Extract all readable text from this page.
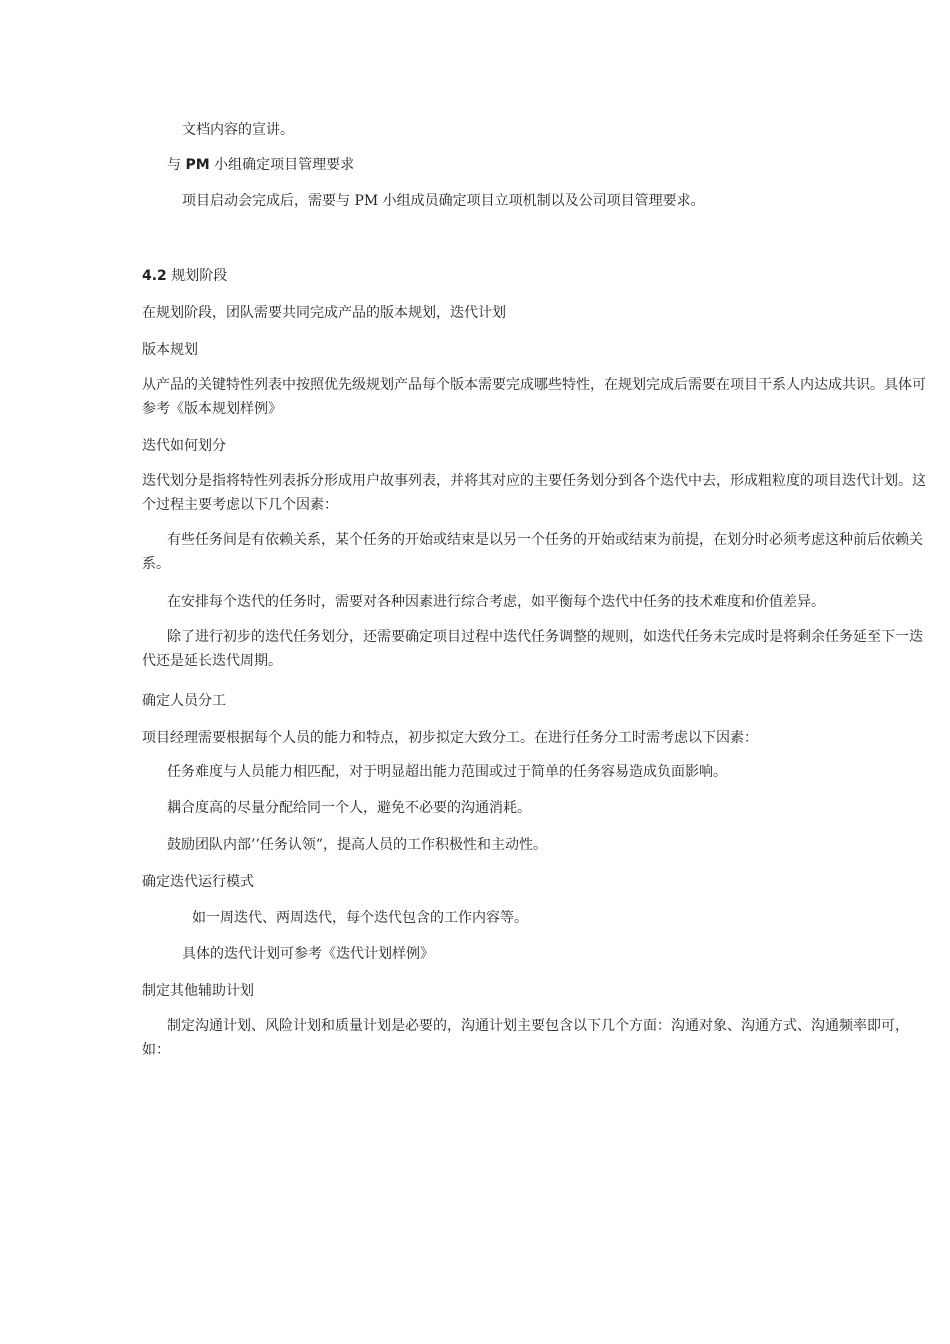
文档内容的宣讲。

与 PM 小组确定项目管理要求

项目启动会完成后，需要与 PM 小组成员确定项目立项机制以及公司项目管理要求。

4.2 规划阶段

在规划阶段，团队需要共同完成产品的版本规划，迭代计划

版本规划

从产品的关键特性列表中按照优先级规划产品每个版本需要完成哪些特性，在规划完成后需要在项目干系人内达成共识。具体可参考《版本规划样例》

迭代如何划分

迭代划分是指将特性列表拆分形成用户故事列表，并将其对应的主要任务划分到各个迭代中去，形成粗粒度的项目迭代计划。这个过程主要考虑以下几个因素：

有些任务间是有依赖关系，某个任务的开始或结束是以另一个任务的开始或结束为前提，在划分时必须考虑这种前后依赖关系。

在安排每个迭代的任务时，需要对各种因素进行综合考虑，如平衡每个迭代中任务的技术难度和价值差异。

除了进行初步的迭代任务划分，还需要确定项目过程中迭代任务调整的规则，如迭代任务未完成时是将剩余任务延至下一迭代还是延长迭代周期。

确定人员分工

项目经理需要根据每个人员的能力和特点，初步拟定大致分工。在进行任务分工时需考虑以下因素：

任务难度与人员能力相匹配，对于明显超出能力范围或过于简单的任务容易造成负面影响。

耦合度高的尽量分配给同一个人，避免不必要的沟通消耗。

鼓励团队内部’’任务认领”，提高人员的工作积极性和主动性。

确定迭代运行模式

如一周迭代、两周迭代，每个迭代包含的工作内容等。

具体的迭代计划可参考《迭代计划样例》

制定其他辅助计划

制定沟通计划、风险计划和质量计划是必要的，沟通计划主要包含以下几个方面：沟通对象、沟通方式、沟通频率即可，如：
